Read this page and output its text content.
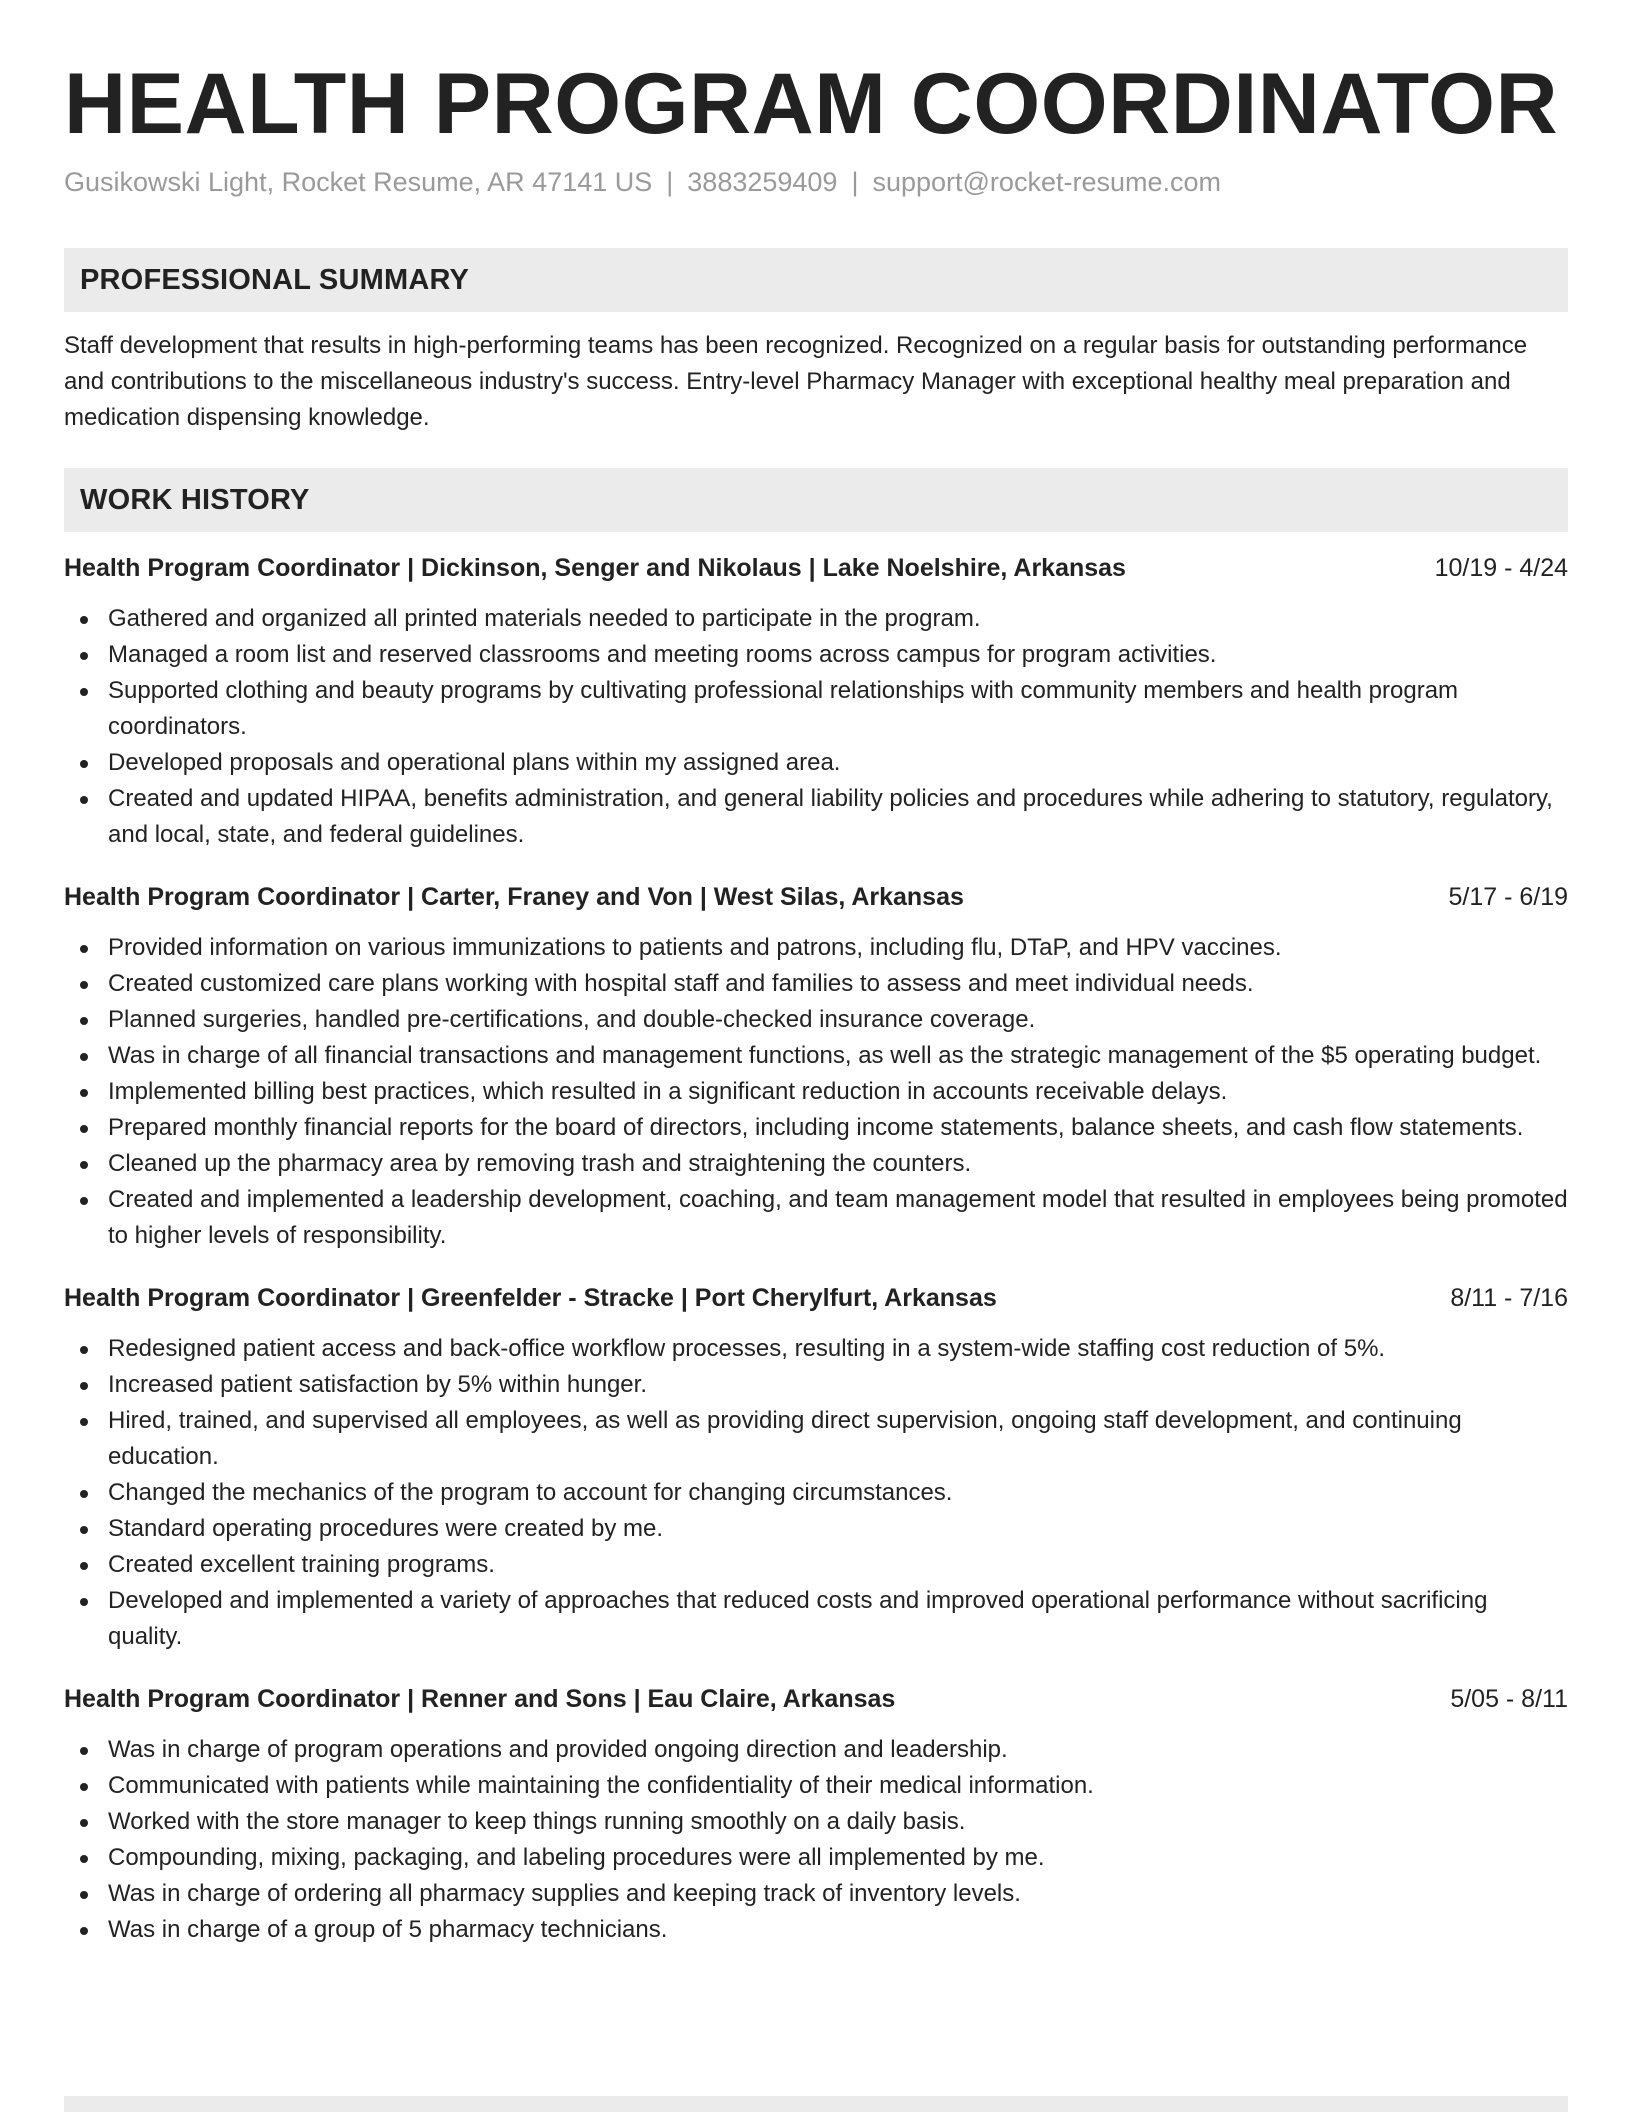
HEALTH PROGRAM COORDINATOR
Gusikowski Light, Rocket Resume, AR 47141 US | 3883259409 | support@rocket-resume.com
PROFESSIONAL SUMMARY

Staff development that results in high-performing teams has been recognized. Recognized on a regular basis for outstanding performance and contributions to the miscellaneous industry's success. Entry-level Pharmacy Manager with exceptional healthy meal preparation and medication dispensing knowledge.

WORK HISTORY
Health Program Coordinator | Dickinson, Senger and Nikolaus | Lake Noelshire, Arkansas	10/19 - 4/24
Gathered and organized all printed materials needed to participate in the program.
Managed a room list and reserved classrooms and meeting rooms across campus for program activities.
Supported clothing and beauty programs by cultivating professional relationships with community members and health program coordinators.
Developed proposals and operational plans within my assigned area.
Created and updated HIPAA, benefits administration, and general liability policies and procedures while adhering to statutory, regulatory, and local, state, and federal guidelines.
Health Program Coordinator | Carter, Franey and Von | West Silas, Arkansas	5/17 - 6/19
Provided information on various immunizations to patients and patrons, including flu, DTaP, and HPV vaccines.
Created customized care plans working with hospital staff and families to assess and meet individual needs.
Planned surgeries, handled pre-certifications, and double-checked insurance coverage.
Was in charge of all financial transactions and management functions, as well as the strategic management of the $5 operating budget.
Implemented billing best practices, which resulted in a significant reduction in accounts receivable delays.
Prepared monthly financial reports for the board of directors, including income statements, balance sheets, and cash flow statements.
Cleaned up the pharmacy area by removing trash and straightening the counters.
Created and implemented a leadership development, coaching, and team management model that resulted in employees being promoted to higher levels of responsibility.
Health Program Coordinator | Greenfelder - Stracke | Port Cherylfurt, Arkansas	8/11 - 7/16
Redesigned patient access and back-office workflow processes, resulting in a system-wide staffing cost reduction of 5%.
Increased patient satisfaction by 5% within hunger.
Hired, trained, and supervised all employees, as well as providing direct supervision, ongoing staff development, and continuing education.
Changed the mechanics of the program to account for changing circumstances.
Standard operating procedures were created by me.
Created excellent training programs.
Developed and implemented a variety of approaches that reduced costs and improved operational performance without sacrificing quality.
Health Program Coordinator | Renner and Sons | Eau Claire, Arkansas	5/05 - 8/11
Was in charge of program operations and provided ongoing direction and leadership.
Communicated with patients while maintaining the confidentiality of their medical information.
Worked with the store manager to keep things running smoothly on a daily basis.
Compounding, mixing, packaging, and labeling procedures were all implemented by me.
Was in charge of ordering all pharmacy supplies and keeping track of inventory levels.
Was in charge of a group of 5 pharmacy technicians.
